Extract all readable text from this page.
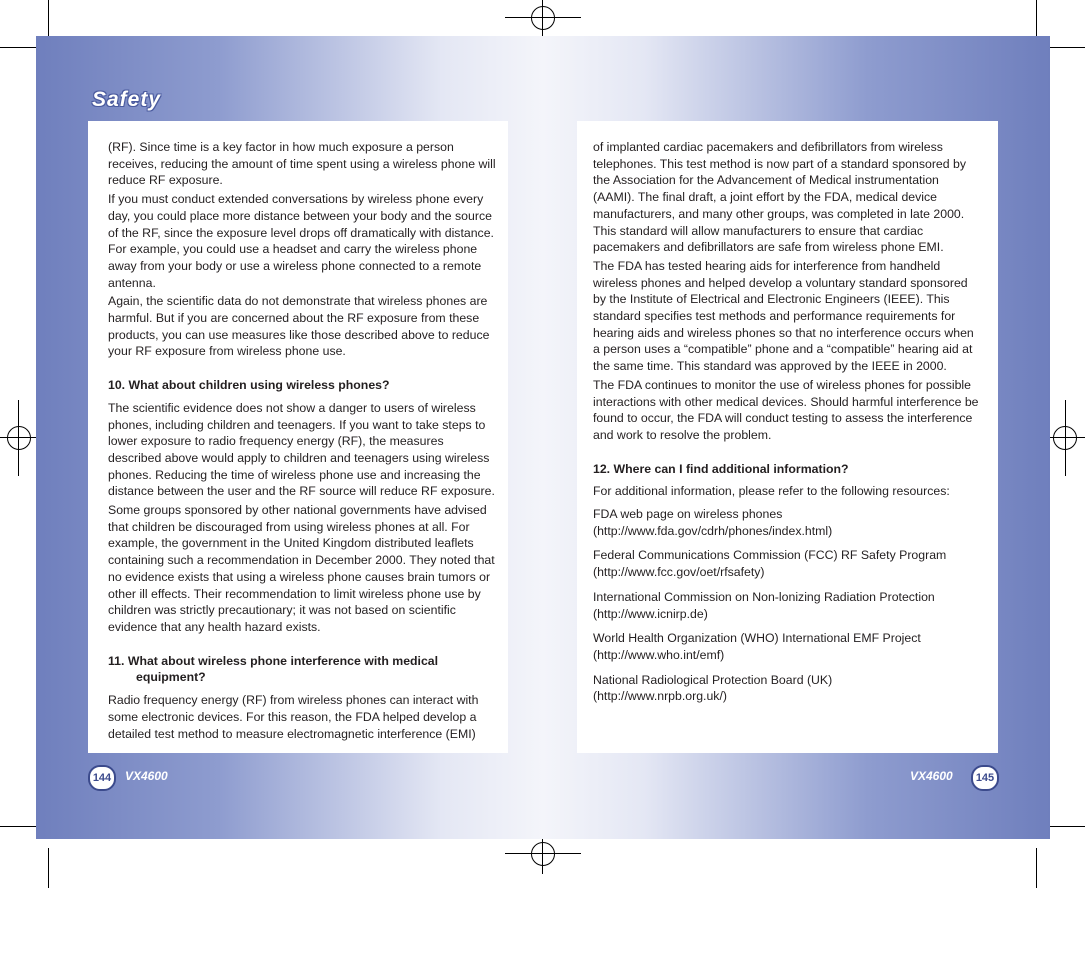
Safety

(RF). Since time is a key factor in how much exposure a person receives, reducing the amount of time spent using a wireless phone will reduce RF exposure.

If you must conduct extended conversations by wireless phone every day, you could place more distance between your body and the source of the RF, since the exposure level drops off dramatically with distance. For example, you could use a headset and carry the wireless phone away from your body or use a wireless phone connected to a remote antenna.

Again, the scientific data do not demonstrate that wireless phones are harmful. But if you are concerned about the RF exposure from these products, you can use measures like those described above to reduce your RF exposure from wireless phone use.

10. What about children using wireless phones?

The scientific evidence does not show a danger to users of wireless phones, including children and teenagers. If you want to take steps to lower exposure to radio frequency energy (RF), the measures described above would apply to children and teenagers using wireless phones. Reducing the time of wireless phone use and increasing the distance between the user and the RF source will reduce RF exposure.

Some groups sponsored by other national governments have advised that children be discouraged from using wireless phones at all. For example, the government in the United Kingdom distributed leaflets containing such a recommendation in December 2000. They noted that no evidence exists that using a wireless phone causes brain tumors or other ill effects. Their recommendation to limit wireless phone use by children was strictly precautionary; it was not based on scientific evidence that any health hazard exists.

11. What about wireless phone interference with medical equipment?

Radio frequency energy (RF) from wireless phones can interact with some electronic devices. For this reason, the FDA helped develop a detailed test method to measure electromagnetic interference (EMI)

of implanted cardiac pacemakers and defibrillators from wireless telephones. This test method is now part of a standard sponsored by the Association for the Advancement of Medical instrumentation (AAMI). The final draft, a joint effort by the FDA, medical device manufacturers, and many other groups, was completed in late 2000. This standard will allow manufacturers to ensure that cardiac pacemakers and defibrillators are safe from wireless phone EMI.

The FDA has tested hearing aids for interference from handheld wireless phones and helped develop a voluntary standard sponsored by the Institute of Electrical and Electronic Engineers (IEEE). This standard specifies test methods and performance requirements for hearing aids and wireless phones so that no interference occurs when a person uses a “compatible” phone and a “compatible” hearing aid at the same time. This standard was approved by the IEEE in 2000.

The FDA continues to monitor the use of wireless phones for possible interactions with other medical devices. Should harmful interference be found to occur, the FDA will conduct testing to assess the interference and work to resolve the problem.

12. Where can I find additional information?

For additional information, please refer to the following resources:

FDA web page on wireless phones
(http://www.fda.gov/cdrh/phones/index.html)
Federal Communications Commission (FCC) RF Safety Program
(http://www.fcc.gov/oet/rfsafety)
International Commission on Non-lonizing Radiation Protection
(http://www.icnirp.de)
World Health Organization (WHO) International EMF Project
(http://www.who.int/emf)
National Radiological Protection Board (UK)
(http://www.nrpb.org.uk/)
144	VX4600	VX4600	145
